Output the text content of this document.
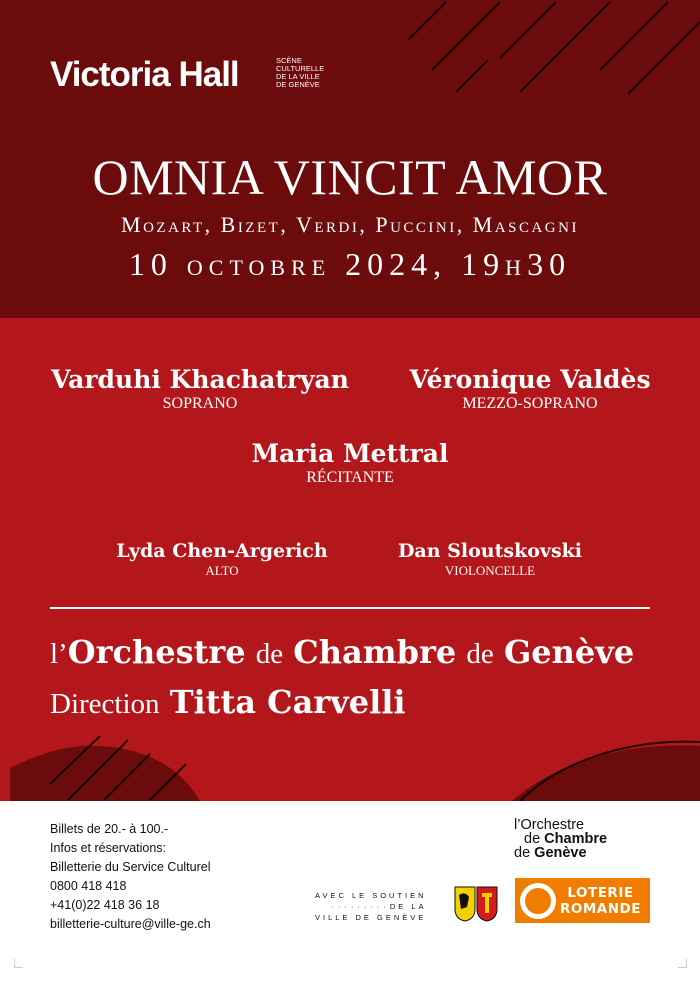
Victoria Hall	SCÈNE
CULTURELLE
DE LA VILLE
DE GENÈVE
OMNIA VINCIT AMOR
Mozart, Bizet, Verdi, Puccini, Mascagni
10 octobre 2024, 19h30
Varduhi Khachatryan
SOPRANO
Véronique Valdès
MEZZO-SOPRANO
Maria Mettral
RÉCITANTE
Lyda Chen-Argerich
ALTO
Dan Sloutskovski
VIOLONCELLE
l’Orchestre de Chambre de Genève
Direction Titta Carvelli
Billets de 20.- à 100.-
Infos et réservations:
Billetterie du Service Culturel
0800 418 418
+41(0)22 418 36 18
billetterie-culture@ville-ge.ch
AVEC LE SOUTIEN
·········DE LA
VILLE DE GENÈVE
l’Orchestre
de Chambre
de Genève
LOTERIE
ROMANDE
